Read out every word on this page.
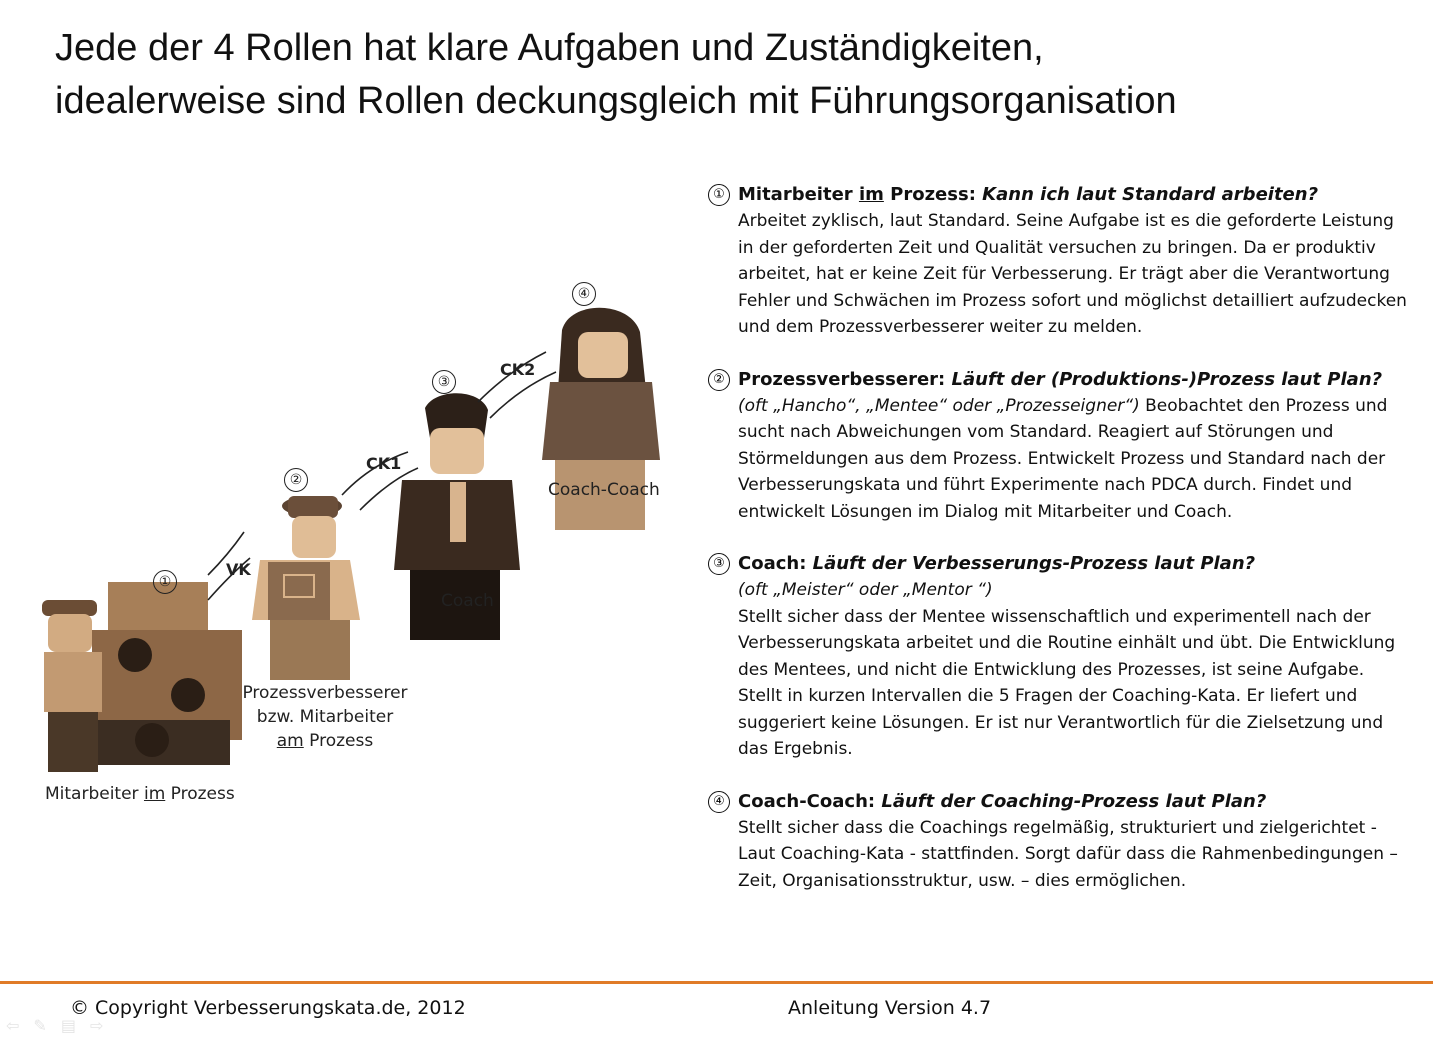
Jede der 4 Rollen hat klare Aufgaben und Zuständigkeiten,
idealerweise sind Rollen deckungsgleich mit Führungsorganisation
①
②
③
④
VK
CK1
CK2
Mitarbeiter im Prozess
Prozessverbesserer
bzw. Mitarbeiter
am Prozess
Coach
Coach-Coach
① Mitarbeiter im Prozess: Kann ich laut Standard arbeiten?
Arbeitet zyklisch, laut Standard. Seine Aufgabe ist es die geforderte Leistung in der geforderten Zeit und Qualität versuchen zu bringen. Da er produktiv arbeitet, hat er keine Zeit für Verbesserung. Er trägt aber die Verantwortung Fehler und Schwächen im Prozess sofort und möglichst detailliert aufzudecken und dem Prozessverbesserer weiter zu melden.
② Prozessverbesserer: Läuft der (Produktions-)Prozess laut Plan?
(oft „Hancho“, „Mentee“ oder „Prozesseigner“) Beobachtet den Prozess und sucht nach Abweichungen vom Standard. Reagiert auf Störungen und Störmeldungen aus dem Prozess. Entwickelt Prozess und Standard nach der Verbesserungskata und führt Experimente nach PDCA durch. Findet und entwickelt Lösungen im Dialog mit Mitarbeiter und Coach.
③ Coach: Läuft der Verbesserungs-Prozess laut Plan?
(oft „Meister“ oder „Mentor “)
Stellt sicher dass der Mentee wissenschaftlich und experimentell nach der Verbesserungskata arbeitet und die Routine einhält und übt. Die Entwicklung des Mentees, und nicht die Entwicklung des Prozesses, ist seine Aufgabe. Stellt in kurzen Intervallen die 5 Fragen der Coaching-Kata. Er liefert und suggeriert keine Lösungen. Er ist nur Verantwortlich für die Zielsetzung und das Ergebnis.
④ Coach-Coach: Läuft der Coaching-Prozess laut Plan?
Stellt sicher dass die Coachings regelmäßig, strukturiert und zielgerichtet - Laut Coaching-Kata - stattfinden. Sorgt dafür dass die Rahmenbedingungen – Zeit, Organisationsstruktur, usw. – dies ermöglichen.
© Copyright Verbesserungskata.de, 2012	Anleitung Version 4.7
⇦ ✎ ▤ ⇨
